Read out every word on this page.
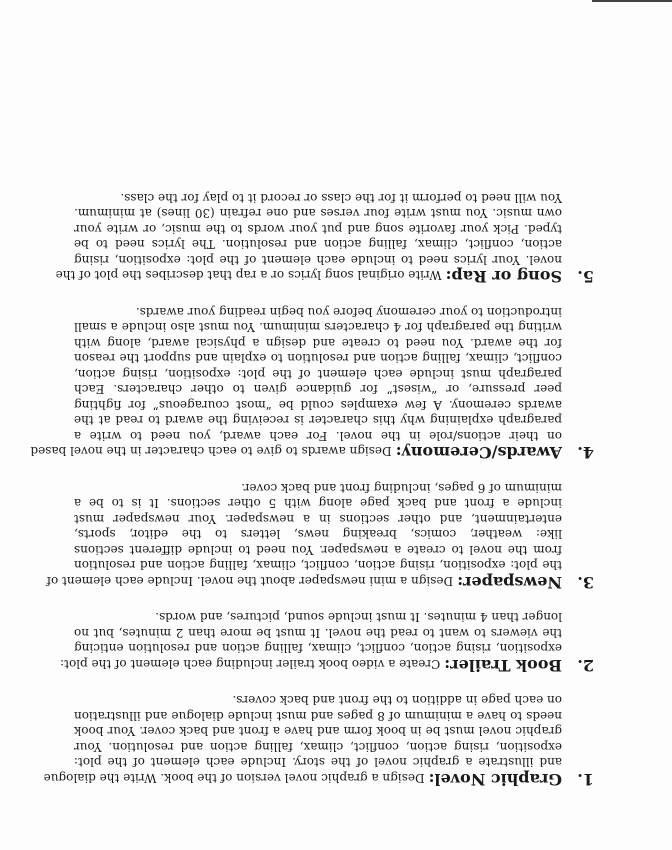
1.
Graphic Novel:
Design a graphic novel version of the book. Write the dialogue
and illustrate a graphic novel of the story. Include each element of the plot: exposition, rising action, conflict, climax, falling action and resolution. Your graphic novel must be in book form and have a front and back cover. Your book needs to have a minimum of 8 pages and must include dialogue and illustration on each page in addition to the front and back covers.
2.
Book Trailer:
Create a video book trailer including each element of the plot:
exposition, rising action, conflict, climax, falling action and resolution enticing the viewers to want to read the novel. It must be more than 2 minutes, but no longer than 4 minutes. It must include sound, pictures, and words.
3.
Newspaper:
Design a mini newspaper about the novel. Include each element of
the plot: exposition, rising action, conflict, climax, falling action and resolution from the novel to create a newspaper. You need to include different sections like: weather, comics, breaking news, letters to the editor, sports, entertainment, and other sections in a newspaper. Your newspaper must include a front and back page along with 5 other sections. It is to be a minimum of 6 pages, including front and back cover.
4.
Awards/Ceremony:
Design awards to give to each character in the novel based
on their actions/role in the novel. For each award, you need to write a paragraph explaining why this character is receiving the award to read at the awards ceremony. A few examples could be “most courageous” for fighting peer pressure, or “wisest” for guidance given to other characters. Each paragraph must include each element of the plot: exposition, rising action, conflict, climax, falling action and resolution to explain and support the reason for the award. You need to create and design a physical award, along with writing the paragraph for 4 characters minimum. You must also include a small introduction to your ceremony before you begin reading your awards.
5.
Song or Rap:
Write original song lyrics or a rap that describes the plot of the
novel. Your lyrics need to include each element of the plot: exposition, rising action, conflict, climax, falling action and resolution. The lyrics need to be typed. Pick your favorite song and put your words to the music, or write your own music. You must write four verses and one refrain (30 lines) at minimum. You will need to perform it for the class or record it to play for the class.
